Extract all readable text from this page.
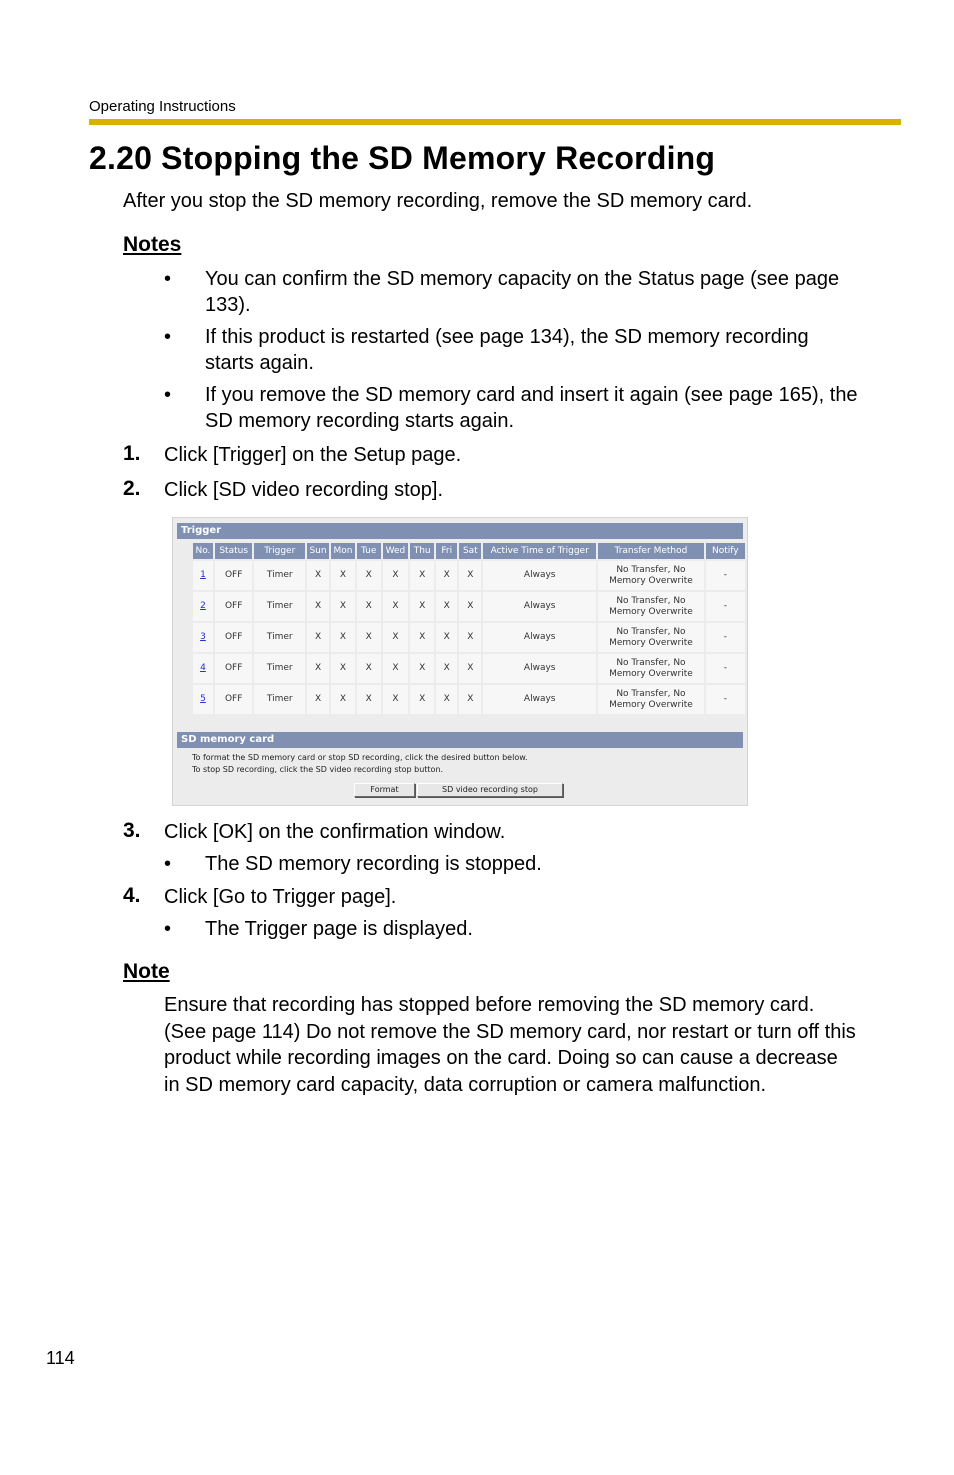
Operating Instructions
2.20 Stopping the SD Memory Recording
After you stop the SD memory recording, remove the SD memory card.
Notes
• You can confirm the SD memory capacity on the Status page (see page
133).
• If this product is restarted (see page 134), the SD memory recording
starts again.
• If you remove the SD memory card and insert it again (see page 165), the
SD memory recording starts again.
1. Click [Trigger] on the Setup page.
2. Click [SD video recording stop].
Trigger
No.	Status	Trigger	Sun	Mon	Tue	Wed	Thu	Fri	Sat	Active Time of Trigger	Transfer Method	Notify
1	OFF	Timer	X	X	X	X	X	X	X	Always	No Transfer, No
Memory Overwrite	-
2	OFF	Timer	X	X	X	X	X	X	X	Always	No Transfer, No
Memory Overwrite	-
3	OFF	Timer	X	X	X	X	X	X	X	Always	No Transfer, No
Memory Overwrite	-
4	OFF	Timer	X	X	X	X	X	X	X	Always	No Transfer, No
Memory Overwrite	-
5	OFF	Timer	X	X	X	X	X	X	X	Always	No Transfer, No
Memory Overwrite	-
SD memory card
To format the SD memory card or stop SD recording, click the desired button below.
To stop SD recording, click the SD video recording stop button.
Format	SD video recording stop
3. Click [OK] on the confirmation window.
• The SD memory recording is stopped.
4. Click [Go to Trigger page].
• The Trigger page is displayed.
Note
Ensure that recording has stopped before removing the SD memory card.
(See page 114) Do not remove the SD memory card, nor restart or turn off this
product while recording images on the card. Doing so can cause a decrease
in SD memory card capacity, data corruption or camera malfunction.
114
